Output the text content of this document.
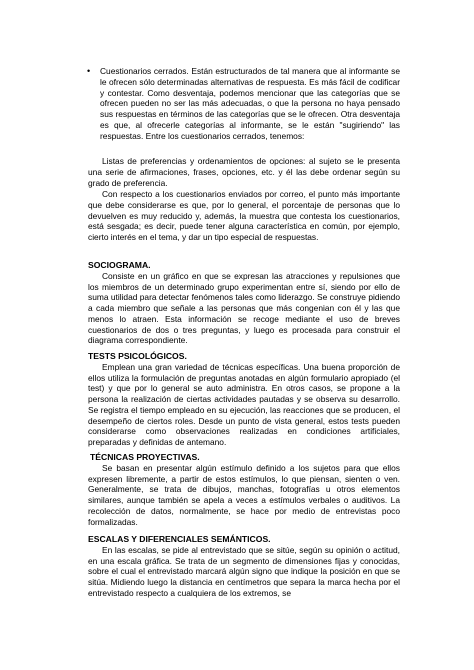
• Cuestionarios cerrados. Están estructurados de tal manera que al informante se le ofrecen sólo determinadas alternativas de respuesta. Es más fácil de codificar y contestar. Como desventaja, podemos mencionar que las categorías que se ofrecen pueden no ser las más adecuadas, o que la persona no haya pensado sus respuestas en términos de las categorías que se le ofrecen. Otra desventaja es que, al ofrecerle categorías al informante, se le están "sugiriendo" las respuestas. Entre los cuestionarios cerrados, tenemos:

Listas de preferencias y ordenamientos de opciones: al sujeto se le presenta una serie de afirmaciones, frases, opciones, etc. y él las debe ordenar según su grado de preferencia.

Con respecto a los cuestionarios enviados por correo, el punto más importante que debe considerarse es que, por lo general, el porcentaje de personas que lo devuelven es muy reducido y, además, la muestra que contesta los cuestionarios, está sesgada; es decir, puede tener alguna característica en común, por ejemplo, cierto interés en el tema, y dar un tipo especial de respuestas.

SOCIOGRAMA.

Consiste en un gráfico en que se expresan las atracciones y repulsiones que los miembros de un determinado grupo experimentan entre sí, siendo por ello de suma utilidad para detectar fenómenos tales como liderazgo. Se construye pidiendo a cada miembro que señale a las personas que más congenian con él y las que menos lo atraen. Esta información se recoge mediante el uso de breves cuestionarios de dos o tres preguntas, y luego es procesada para construir el diagrama correspondiente.

TESTS PSICOLÓGICOS.

Emplean una gran variedad de técnicas específicas. Una buena proporción de ellos utiliza la formulación de preguntas anotadas en algún formulario apropiado (el test) y que por lo general se auto administra. En otros casos, se propone a la persona la realización de ciertas actividades pautadas y se observa su desarrollo. Se registra el tiempo empleado en su ejecución, las reacciones que se producen, el desempeño de ciertos roles. Desde un punto de vista general, estos tests pueden considerarse como observaciones realizadas en condiciones artificiales, preparadas y definidas de antemano.

TÉCNICAS PROYECTIVAS.

Se basan en presentar algún estímulo definido a los sujetos para que ellos expresen libremente, a partir de estos estímulos, lo que piensan, sienten o ven. Generalmente, se trata de dibujos, manchas, fotografías u otros elementos similares, aunque también se apela a veces a estímulos verbales o auditivos. La recolección de datos, normalmente, se hace por medio de entrevistas poco formalizadas.

ESCALAS Y DIFERENCIALES SEMÁNTICOS.

En las escalas, se pide al entrevistado que se sitúe, según su opinión o actitud, en una escala gráfica. Se trata de un segmento de dimensiones fijas y conocidas, sobre el cual el entrevistado marcará algún signo que indique la posición en que se sitúa. Midiendo luego la distancia en centímetros que separa la marca hecha por el entrevistado respecto a cualquiera de los extremos, se
